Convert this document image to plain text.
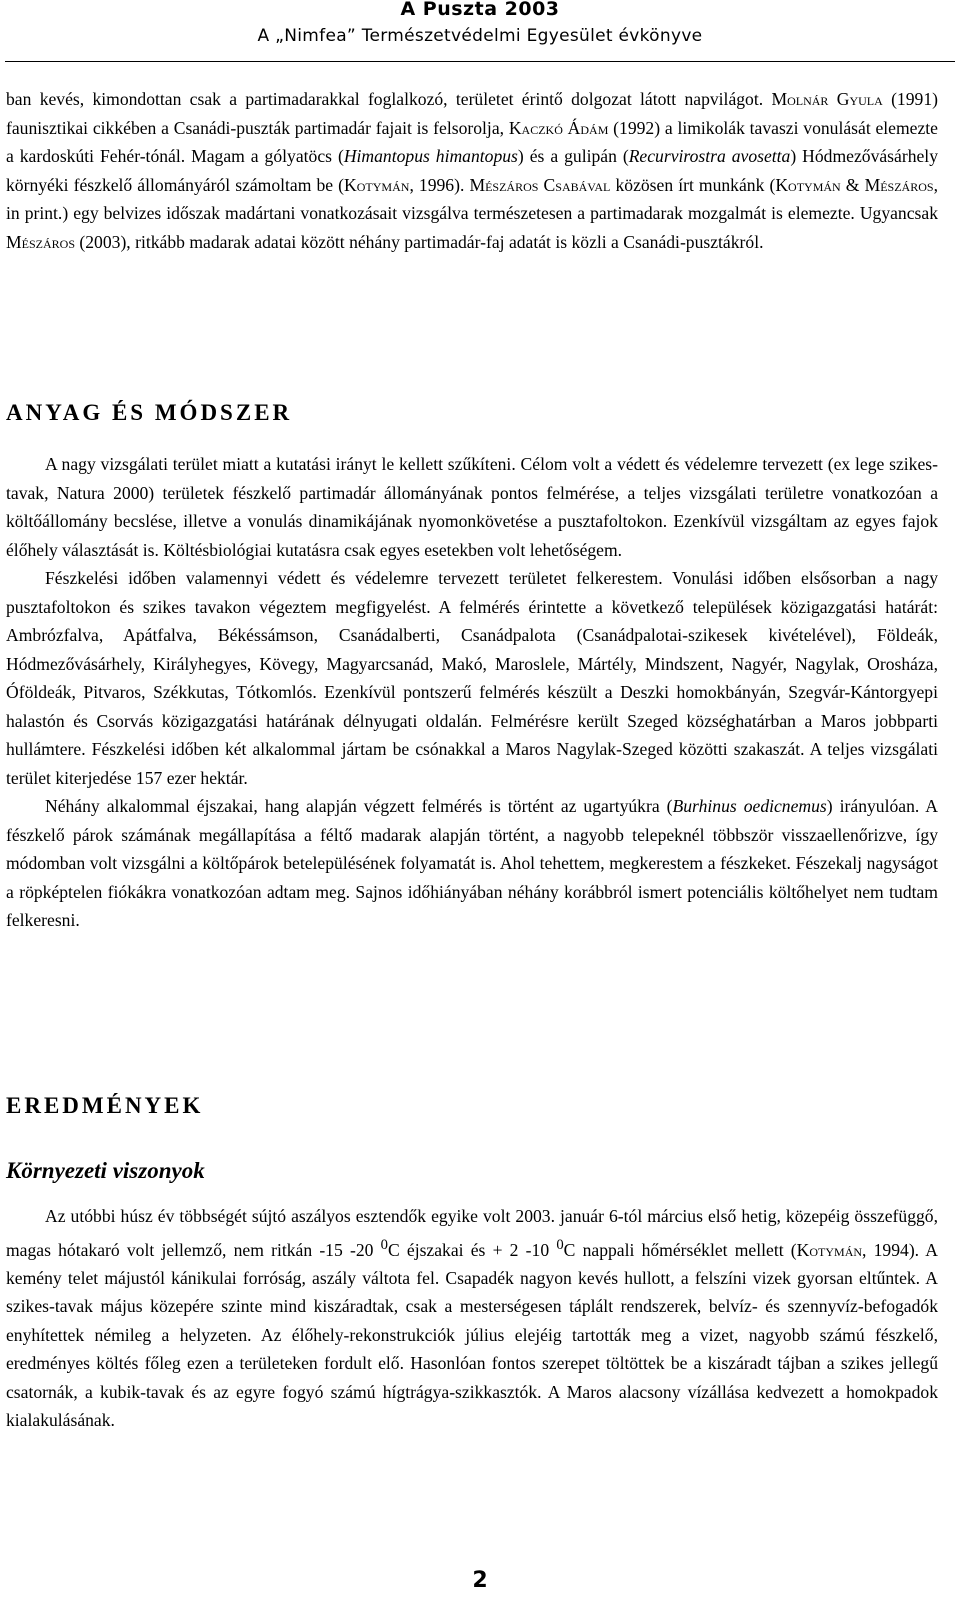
A Puszta 2003
A „Nimfea” Természetvédelmi Egyesület évkönyve

ban kevés, kimondottan csak a partimadarakkal foglalkozó, területet érintő dolgozat látott napvilágot. Molnár Gyula (1991) faunisztikai cikkében a Csanádi-puszták partimadár fajait is felsorolja, Kaczkó Ádám (1992) a limikolák tavaszi vonulását elemezte a kardoskúti Fehér-tónál. Magam a gólyatöcs (Himantopus himantopus) és a gulipán (Recurvirostra avosetta) Hódmezővásárhely környéki fészkelő állományáról számoltam be (Kotymán, 1996). Mészáros Csabával közösen írt munkánk (Kotymán & Mészáros, in print.) egy belvizes időszak madártani vonatkozásait vizsgálva természetesen a partimadarak mozgalmát is elemezte. Ugyancsak Mészáros (2003), ritkább madarak adatai között néhány partimadár-faj adatát is közli a Csanádi-pusztákról.

ANYAG ÉS MÓDSZER

A nagy vizsgálati terület miatt a kutatási irányt le kellett szűkíteni. Célom volt a védett és védelemre tervezett (ex lege szikes-tavak, Natura 2000) területek fészkelő partimadár állományának pontos felmérése, a teljes vizsgálati területre vonatkozóan a költőállomány becslése, illetve a vonulás dinamikájának nyomonkövetése a pusztafoltokon. Ezenkívül vizsgáltam az egyes fajok élőhely választását is. Költésbiológiai kutatásra csak egyes esetekben volt lehetőségem.

Fészkelési időben valamennyi védett és védelemre tervezett területet felkerestem. Vonulási időben elsősorban a nagy pusztafoltokon és szikes tavakon végeztem megfigyelést. A felmérés érintette a következő települések közigazgatási határát: Ambrózfalva, Apátfalva, Békéssámson, Csanádalberti, Csanádpalota (Csanádpalotai-szikesek kivételével), Földeák, Hódmezővásárhely, Királyhegyes, Kövegy, Magyarcsanád, Makó, Maroslele, Mártély, Mindszent, Nagyér, Nagylak, Orosháza, Óföldeák, Pitvaros, Székkutas, Tótkomlós. Ezenkívül pontszerű felmérés készült a Deszki homokbányán, Szegvár-Kántorgyepi halastón és Csorvás közigazgatási határának délnyugati oldalán. Felmérésre került Szeged községhatárban a Maros jobbparti hullámtere. Fészkelési időben két alkalommal jártam be csónakkal a Maros Nagylak-Szeged közötti szakaszát. A teljes vizsgálati terület kiterjedése 157 ezer hektár.

Néhány alkalommal éjszakai, hang alapján végzett felmérés is történt az ugartyúkra (Burhinus oedicnemus) irányulóan. A fészkelő párok számának megállapítása a féltő madarak alapján történt, a nagyobb telepeknél többször visszaellenőrizve, így módomban volt vizsgálni a költőpárok betelepülésének folyamatát is. Ahol tehettem, megkerestem a fészkeket. Fészekalj nagyságot a röpképtelen fiókákra vonatkozóan adtam meg. Sajnos időhiányában néhány korábbról ismert potenciális költőhelyet nem tudtam felkeresni.

EREDMÉNYEK
Környezeti viszonyok

Az utóbbi húsz év többségét sújtó aszályos esztendők egyike volt 2003. január 6-tól március első hetig, közepéig összefüggő, magas hótakaró volt jellemző, nem ritkán -15 -20 $^0$C éjszakai és + 2 -10 $^0$C nappali hőmérséklet mellett (Kotymán, 1994). A kemény telet májustól kánikulai forróság, aszály váltota fel. Csapadék nagyon kevés hullott, a felszíni vizek gyorsan eltűntek. A szikes-tavak május közepére szinte mind kiszáradtak, csak a mesterségesen táplált rendszerek, belvíz- és szennyvíz-befogadók enyhítettek némileg a helyzeten. Az élőhely-rekonstrukciók július elejéig tartották meg a vizet, nagyobb számú fészkelő, eredményes költés főleg ezen a területeken fordult elő. Hasonlóan fontos szerepet töltöttek be a kiszáradt tájban a szikes jellegű csatornák, a kubik-tavak és az egyre fogyó számú hígtrágya-szikkasztók. A Maros alacsony vízállása kedvezett a homokpadok kialakulásának.

2
